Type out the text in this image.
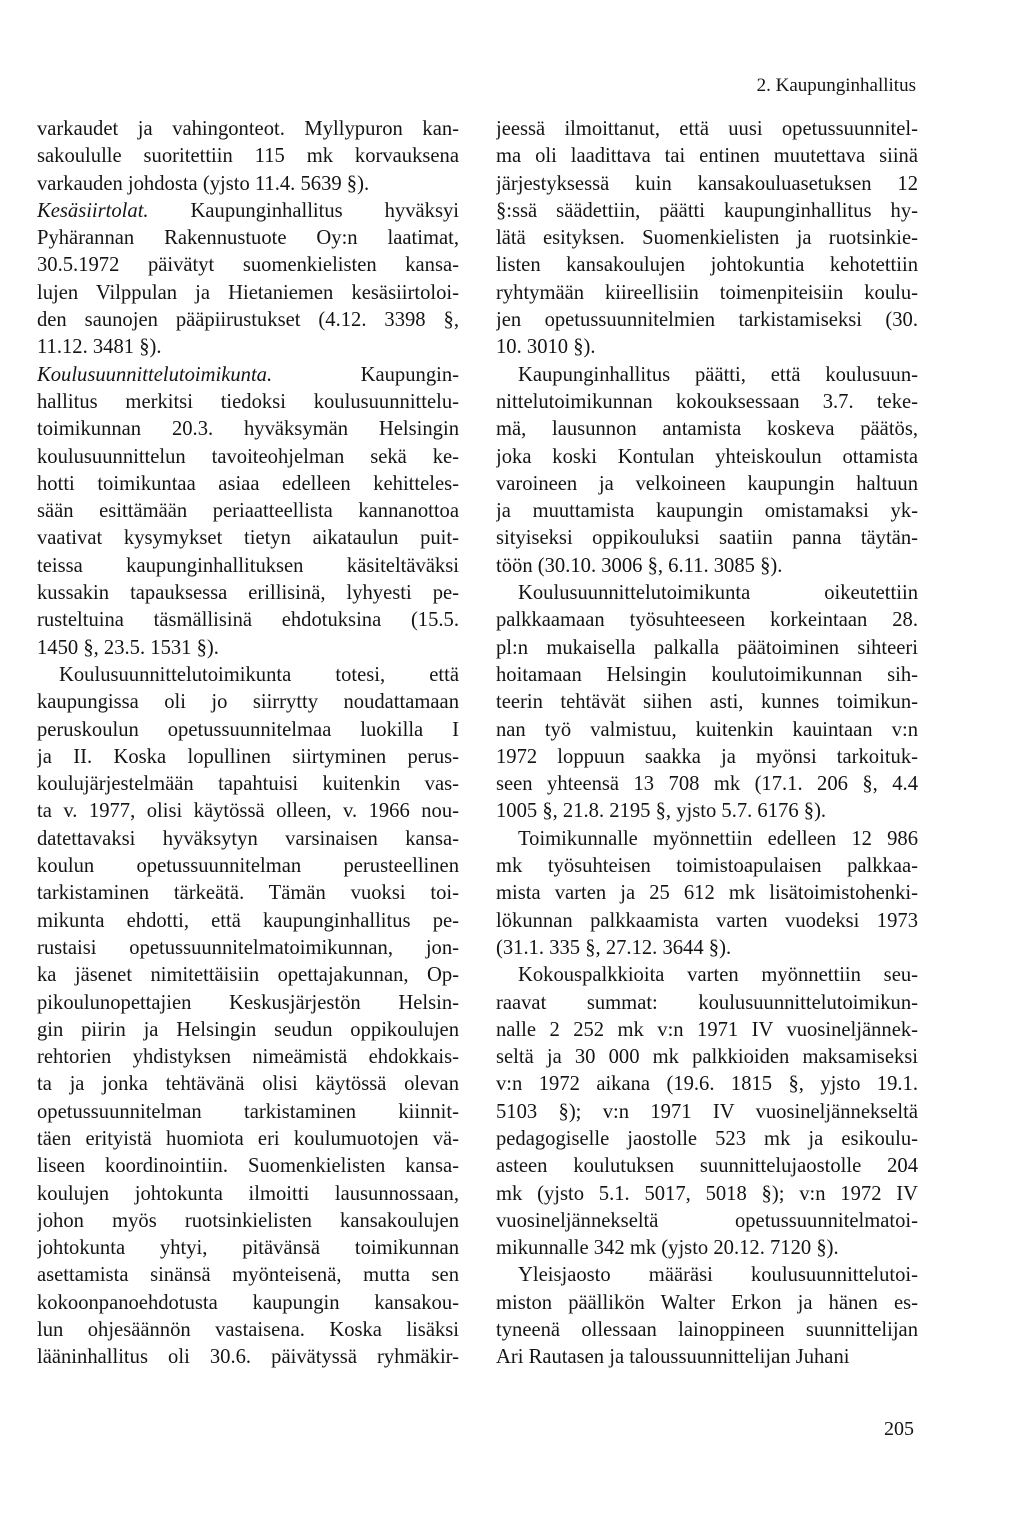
2. Kaupunginhallitus
varkaudet ja vahingonteot. Myllypuron kan-
sakoululle suoritettiin 115 mk korvauksena
varkauden johdosta (yjsto 11.4. 5639 §).
Kesäsiirtolat. Kaupunginhallitus hyväksyi
Pyhärannan Rakennustuote Oy:n laatimat,
30.5.1972 päivätyt suomenkielisten kansa-
lujen Vilppulan ja Hietaniemen kesäsiirtoloi-
den saunojen pääpiirustukset (4.12. 3398 §,
11.12. 3481 §).
Koulusuunnittelutoimikunta. Kaupungin-
hallitus merkitsi tiedoksi koulusuunnittelu-
toimikunnan 20.3. hyväksymän Helsingin
koulusuunnittelun tavoiteohjelman sekä ke-
hotti toimikuntaa asiaa edelleen kehitteles-
sään esittämään periaatteellista kannanottoa
vaativat kysymykset tietyn aikataulun puit-
teissa kaupunginhallituksen käsiteltäväksi
kussakin tapauksessa erillisinä, lyhyesti pe-
rusteltuina täsmällisinä ehdotuksina (15.5.
1450 §, 23.5. 1531 §).
Koulusuunnittelutoimikunta totesi, että
kaupungissa oli jo siirrytty noudattamaan
peruskoulun opetussuunnitelmaa luokilla I
ja II. Koska lopullinen siirtyminen perus-
koulujärjestelmään tapahtuisi kuitenkin vas-
ta v. 1977, olisi käytössä olleen, v. 1966 nou-
datettavaksi hyväksytyn varsinaisen kansa-
koulun opetussuunnitelman perusteellinen
tarkistaminen tärkeätä. Tämän vuoksi toi-
mikunta ehdotti, että kaupunginhallitus pe-
rustaisi opetussuunnitelmatoimikunnan, jon-
ka jäsenet nimitettäisiin opettajakunnan, Op-
pikoulunopettajien Keskusjärjestön Helsin-
gin piirin ja Helsingin seudun oppikoulujen
rehtorien yhdistyksen nimeämistä ehdokkais-
ta ja jonka tehtävänä olisi käytössä olevan
opetussuunnitelman tarkistaminen kiinnit-
täen erityistä huomiota eri koulumuotojen vä-
liseen koordinointiin. Suomenkielisten kansa-
koulujen johtokunta ilmoitti lausunnossaan,
johon myös ruotsinkielisten kansakoulujen
johtokunta yhtyi, pitävänsä toimikunnan
asettamista sinänsä myönteisenä, mutta sen
kokoonpanoehdotusta kaupungin kansakou-
lun ohjesäännön vastaisena. Koska lisäksi
lääninhallitus oli 30.6. päivätyssä ryhmäkir-
jeessä ilmoittanut, että uusi opetussuunnitel-
ma oli laadittava tai entinen muutettava siinä
järjestyksessä kuin kansakouluasetuksen 12
§:ssä säädettiin, päätti kaupunginhallitus hy-
lätä esityksen. Suomenkielisten ja ruotsinkie-
listen kansakoulujen johtokuntia kehotettiin
ryhtymään kiireellisiin toimenpiteisiin koulu-
jen opetussuunnitelmien tarkistamiseksi (30.
10. 3010 §).
Kaupunginhallitus päätti, että koulusuun-
nittelutoimikunnan kokouksessaan 3.7. teke-
mä, lausunnon antamista koskeva päätös,
joka koski Kontulan yhteiskoulun ottamista
varoineen ja velkoineen kaupungin haltuun
ja muuttamista kaupungin omistamaksi yk-
sityiseksi oppikouluksi saatiin panna täytän-
töön (30.10. 3006 §, 6.11. 3085 §).
Koulusuunnittelutoimikunta oikeutettiin
palkkaamaan työsuhteeseen korkeintaan 28.
pl:n mukaisella palkalla päätoiminen sihteeri
hoitamaan Helsingin koulutoimikunnan sih-
teerin tehtävät siihen asti, kunnes toimikun-
nan työ valmistuu, kuitenkin kauintaan v:n
1972 loppuun saakka ja myönsi tarkoituk-
seen yhteensä 13 708 mk (17.1. 206 §, 4.4
1005 §, 21.8. 2195 §, yjsto 5.7. 6176 §).
Toimikunnalle myönnettiin edelleen 12 986
mk työsuhteisen toimistoapulaisen palkkaa-
mista varten ja 25 612 mk lisätoimistohenki-
lökunnan palkkaamista varten vuodeksi 1973
(31.1. 335 §, 27.12. 3644 §).
Kokouspalkkioita varten myönnettiin seu-
raavat summat: koulusuunnittelutoimikun-
nalle 2 252 mk v:n 1971 IV vuosineljännek-
seltä ja 30 000 mk palkkioiden maksamiseksi
v:n 1972 aikana (19.6. 1815 §, yjsto 19.1.
5103 §); v:n 1971 IV vuosineljännekseltä
pedagogiselle jaostolle 523 mk ja esikoulu-
asteen koulutuksen suunnittelujaostolle 204
mk (yjsto 5.1. 5017, 5018 §); v:n 1972 IV
vuosineljännekseltä opetussuunnitelmatoi-
mikunnalle 342 mk (yjsto 20.12. 7120 §).
Yleisjaosto määräsi koulusuunnittelutoi-
miston päällikön Walter Erkon ja hänen es-
tyneenä ollessaan lainoppineen suunnittelijan
Ari Rautasen ja taloussuunnittelijan Juhani
205
